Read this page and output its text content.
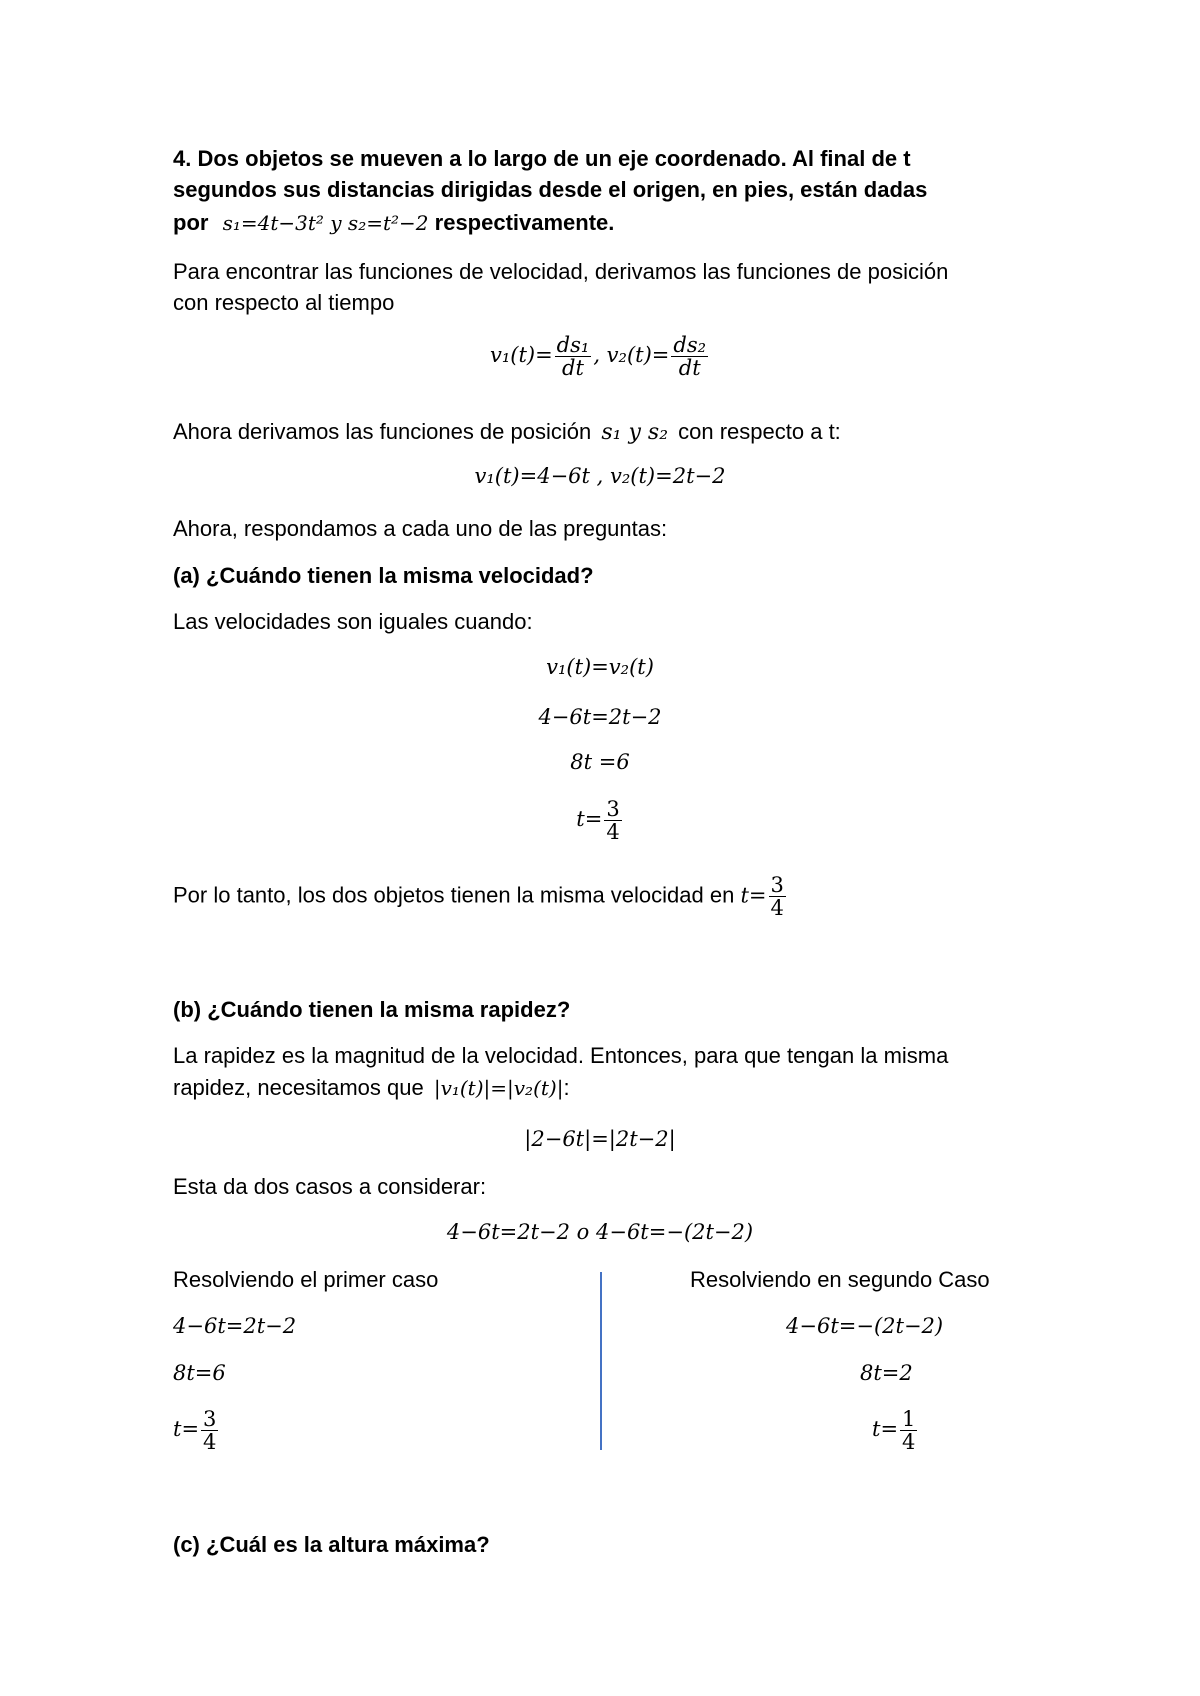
4. Dos objetos se mueven a lo largo de un eje coordenado. Al final de t
segundos sus distancias dirigidas desde el origen, en pies, están dadas
por s₁=4t−3t² y s₂=t²−2 respectivamente.
Para encontrar las funciones de velocidad, derivamos las funciones de posición
con respecto al tiempo
$v_1(t)= \frac{\text{ds₁}}{dt}$ , $v_2(t)= \frac{\text{ds₂}}{dt}$
Ahora derivamos las funciones de posición s₁ y s₂ con respecto a t:
v₁(t)=4−6t , v₂(t)=2t−2
Ahora, respondamos a cada uno de las preguntas:
(a) ¿Cuándo tienen la misma velocidad?
Las velocidades son iguales cuando:
v₁(t)=v₂(t)
4−6t=2t−2
8t =6
$t= \frac{3}{4}$
Por lo tanto, los dos objetos tienen la misma velocidad en $t= \frac{3}{4}$
(b) ¿Cuándo tienen la misma rapidez?
La rapidez es la magnitud de la velocidad. Entonces, para que tengan la misma
rapidez, necesitamos que |v₁(t)|=|v₂(t)|:
|2−6t|=|2t−2|
Esta da dos casos a considerar:
4−6t=2t−2 o 4−6t=−(2t−2)
Resolviendo el primer caso
4−6t=2t−2
8t=6
$t= \frac{3}{4}$
Resolviendo en segundo Caso
4−6t=−(2t−2)
8t=2
$t= \frac{1}{4}$
(c) ¿Cuál es la altura máxima?
